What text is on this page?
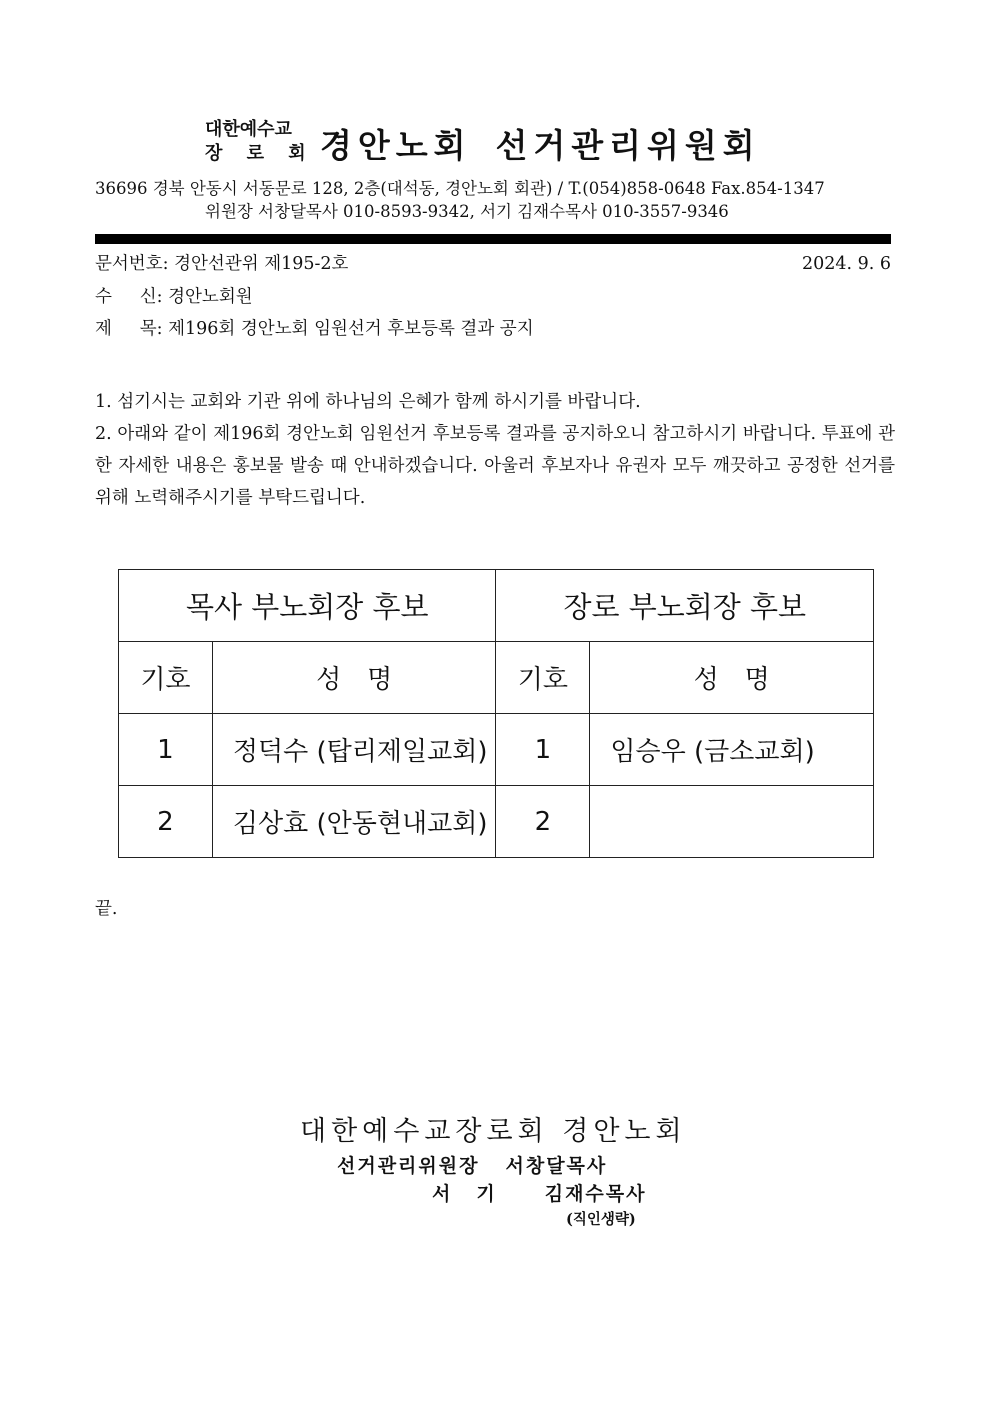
대한예수교
장 로 회 경안노회 선거관리위원회
36696 경북 안동시 서동문로 128, 2층(대석동, 경안노회 회관) / T.(054)858-0648 Fax.854-1347
위원장 서창달목사 010-8593-9342, 서기 김재수목사 010-3557-9346
문서번호: 경안선관위 제195-2호	2024. 9. 6
수     신: 경안노회원
제     목: 제196회 경안노회 임원선거 후보등록 결과 공지

1. 섬기시는 교회와 기관 위에 하나님의 은혜가 함께 하시기를 바랍니다.

2. 아래와 같이 제196회 경안노회 임원선거 후보등록 결과를 공지하오니 참고하시기 바랍니다. 투표에 관한 자세한 내용은 홍보물 발송 때 안내하겠습니다. 아울러 후보자나 유권자 모두 깨끗하고 공정한 선거를 위해 노력해주시기를 부탁드립니다.

목사 부노회장 후보		장로 부노회장 후보	
기호	성명	기호	성명
1	정덕수 (탑리제일교회)	1	임승우 (금소교회)
2	김상효 (안동현내교회)	2	
끝.
대한예수교장로회 경안노회
선거관리위원장 서창달목사
서기 김재수목사
(직인생략)
